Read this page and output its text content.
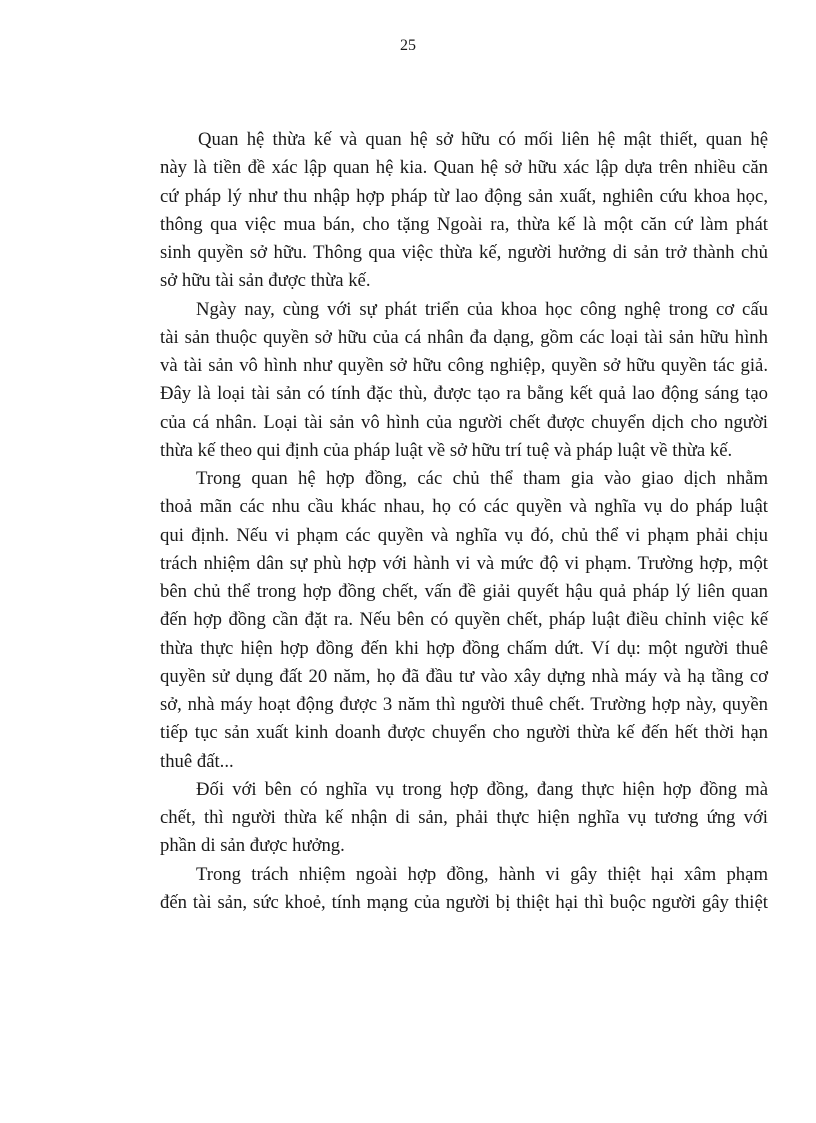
25
Quan hệ thừa kế và quan hệ sở hữu có mối liên hệ mật thiết, quan hệ
này là tiền đề xác lập quan hệ kia. Quan hệ sở hữu xác lập dựa trên nhiều căn
cứ pháp lý như thu nhập hợp pháp từ lao động sản xuất, nghiên cứu khoa học,
thông qua việc mua bán, cho tặng Ngoài ra, thừa kế là một căn cứ làm phát
sinh quyền sở hữu. Thông qua việc thừa kế, người hưởng di sản trở thành chủ
sở hữu tài sản được thừa kế.
Ngày nay, cùng với sự phát triển của khoa học công nghệ trong cơ cấu
tài sản thuộc quyền sở hữu của cá nhân đa dạng, gồm các loại tài sản hữu hình
và tài sản vô hình như quyền sở hữu công nghiệp, quyền sở hữu quyền tác giả.
Đây là loại tài sản có tính đặc thù, được tạo ra bằng kết quả lao động sáng tạo
của cá nhân. Loại tài sản vô hình của người chết được chuyển dịch cho người
thừa kế theo qui định của pháp luật về sở hữu trí tuệ và pháp luật về thừa kế.
Trong quan hệ hợp đồng, các chủ thể tham gia vào giao dịch nhằm
thoả mãn các nhu cầu khác nhau, họ có các quyền và nghĩa vụ do pháp luật
qui định. Nếu vi phạm các quyền và nghĩa vụ đó, chủ thể vi phạm phải chịu
trách nhiệm dân sự phù hợp với hành vi và mức độ vi phạm. Trường hợp, một
bên chủ thể trong hợp đồng chết, vấn đề giải quyết hậu quả pháp lý liên quan
đến hợp đồng cần đặt ra. Nếu bên có quyền chết, pháp luật điều chỉnh việc kế
thừa thực hiện hợp đồng đến khi hợp đồng chấm dứt. Ví dụ: một người thuê
quyền sử dụng đất 20 năm, họ đã đầu tư vào xây dựng nhà máy và hạ tầng cơ
sở, nhà máy hoạt động được 3 năm thì người thuê chết. Trường hợp này, quyền
tiếp tục sản xuất kinh doanh được chuyển cho người thừa kế đến hết thời hạn
thuê đất...
Đối với bên có nghĩa vụ trong hợp đồng, đang thực hiện hợp đồng mà
chết, thì người thừa kế nhận di sản, phải thực hiện nghĩa vụ tương ứng với
phần di sản được hưởng.
Trong trách nhiệm ngoài hợp đồng, hành vi gây thiệt hại xâm phạm
đến tài sản, sức khoẻ, tính mạng của người bị thiệt hại thì buộc người gây thiệt
